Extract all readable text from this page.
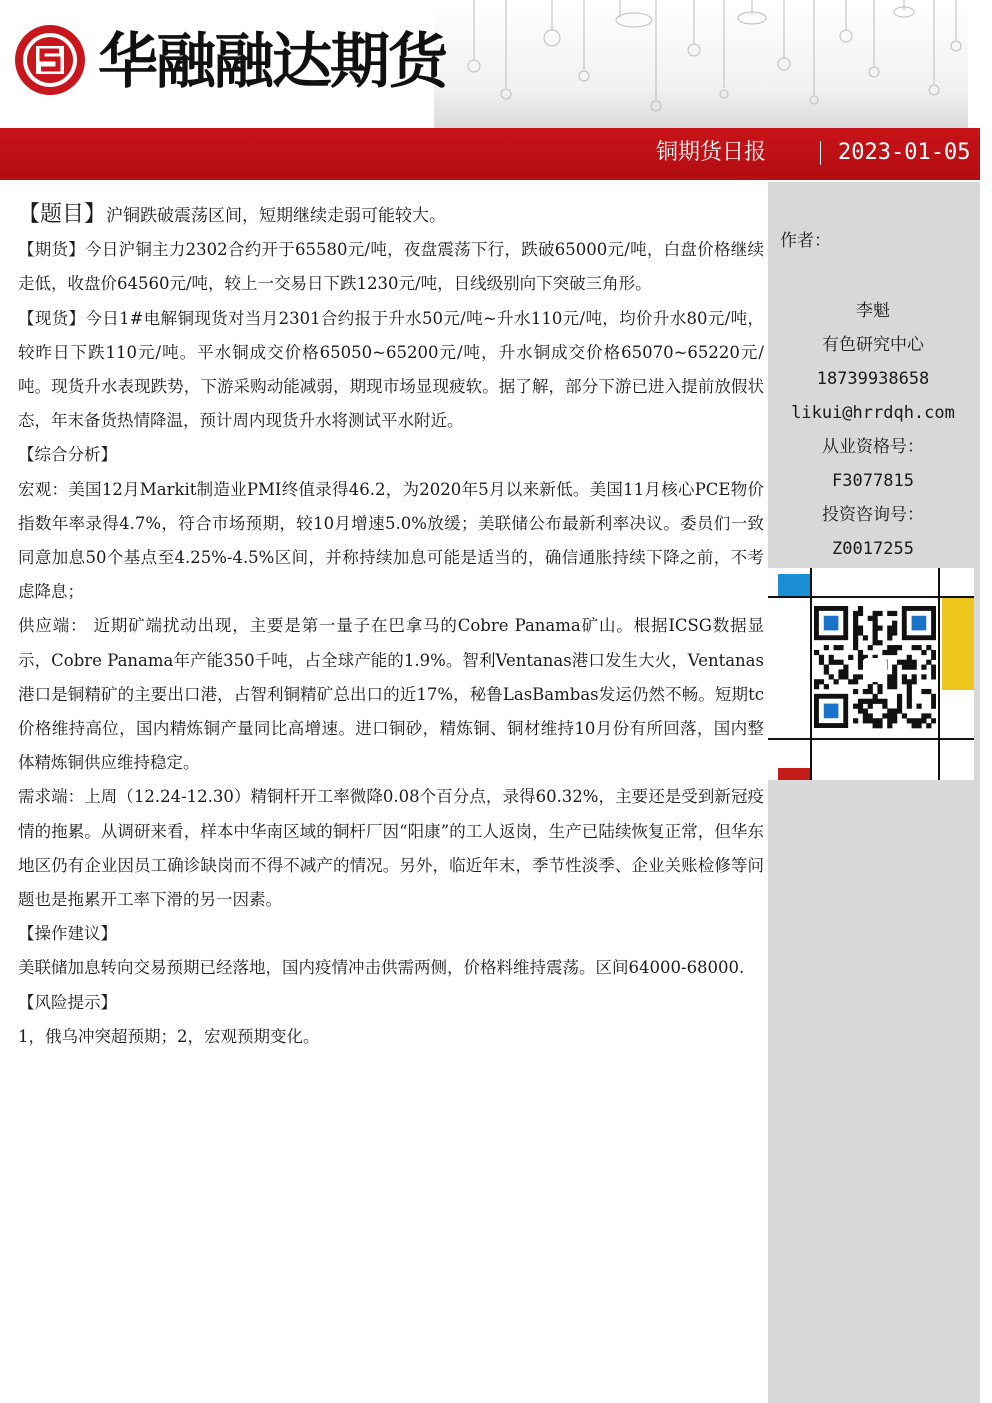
华融融达期货
铜期货日报	2023-01-05

【题目】沪铜跌破震荡区间，短期继续走弱可能较大。

【期货】今日沪铜主力2302合约开于65580元/吨，夜盘震荡下行，跌破65000元/吨，白盘价格继续走低，收盘价64560元/吨，较上一交易日下跌1230元/吨，日线级别向下突破三角形。

【现货】今日1#电解铜现货对当月2301合约报于升水50元/吨~升水110元/吨，均价升水80元/吨，较昨日下跌110元/吨。平水铜成交价格65050~65200元/吨，升水铜成交价格65070~65220元/吨。现货升水表现跌势，下游采购动能减弱，期现市场显现疲软。据了解，部分下游已进入提前放假状态，年末备货热情降温，预计周内现货升水将测试平水附近。

【综合分析】

宏观：美国12月Markit制造业PMI终值录得46.2，为2020年5月以来新低。美国11月核心PCE物价指数年率录得4.7%，符合市场预期，较10月增速5.0%放缓；美联储公布最新利率决议。委员们一致同意加息50个基点至4.25%-4.5%区间，并称持续加息可能是适当的，确信通胀持续下降之前，不考虑降息；

供应端： 近期矿端扰动出现，主要是第一量子在巴拿马的Cobre Panama矿山。根据ICSG数据显示，Cobre Panama年产能350千吨，占全球产能的1.9%。智利Ventanas港口发生大火，Ventanas港口是铜精矿的主要出口港，占智利铜精矿总出口的近17%，秘鲁LasBambas发运仍然不畅。短期tc价格维持高位，国内精炼铜产量同比高增速。进口铜砂，精炼铜、铜材维持10月份有所回落，国内整体精炼铜供应维持稳定。

需求端：上周（12.24-12.30）精铜杆开工率微降0.08个百分点，录得60.32%，主要还是受到新冠疫情的拖累。从调研来看，样本中华南区域的铜杆厂因“阳康”的工人返岗，生产已陆续恢复正常，但华东地区仍有企业因员工确诊缺岗而不得不减产的情况。另外，临近年末，季节性淡季、企业关账检修等问题也是拖累开工率下滑的另一因素。

【操作建议】

美联储加息转向交易预期已经落地，国内疫情冲击供需两侧，价格料维持震荡。区间64000-68000.

【风险提示】

1，俄乌冲突超预期；2，宏观预期变化。

作者：
李魁
有色研究中心
18739938658
likui@hrrdqh.com
从业资格号：
F3077815
投资咨询号：
Z0017255
